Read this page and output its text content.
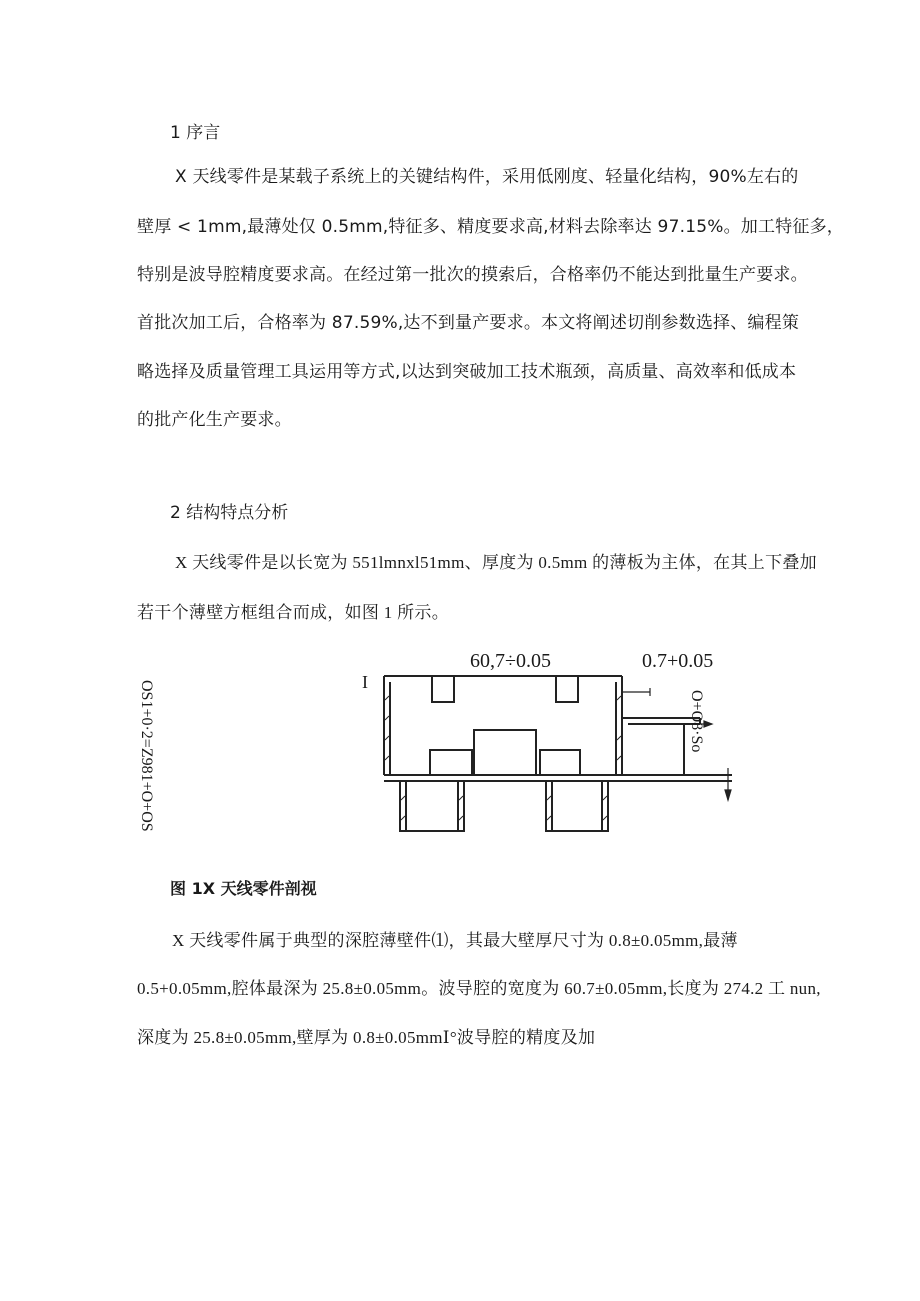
1 序言
X 天线零件是某载子系统上的关键结构件，采用低刚度、轻量化结构，90%左右的
壁厚 < 1mm,最薄处仅 0.5mm,特征多、精度要求高,材料去除率达 97.15%。加工特征多，
特别是波导腔精度要求高。在经过第一批次的摸索后，合格率仍不能达到批量生产要求。
首批次加工后，合格率为 87.59%,达不到量产要求。本文将阐述切削参数选择、编程策
略选择及质量管理工具运用等方式,以达到突破加工技术瓶颈，高质量、高效率和低成本
的批产化生产要求。
2 结构特点分析
X 天线零件是以长宽为 551lmnxl51mm、厚度为 0.5mm 的薄板为主体，在其上下叠加
若干个薄壁方框组合而成，如图 1 所示。
60,7÷0.05	0.7+0.05
I
O+O8·So
OS1+0·2=Z981+O+OS
图 1X 天线零件剖视
X 天线零件属于典型的深腔薄壁件⑴，其最大壁厚尺寸为 0.8±0.05mm,最薄
0.5+0.05mm,腔体最深为 25.8±0.05mm。波导腔的宽度为 60.7±0.05mm,长度为 274.2 工 nun,
深度为 25.8±0.05mm,壁厚为 0.8±0.05mmⅠ°波导腔的精度及加
